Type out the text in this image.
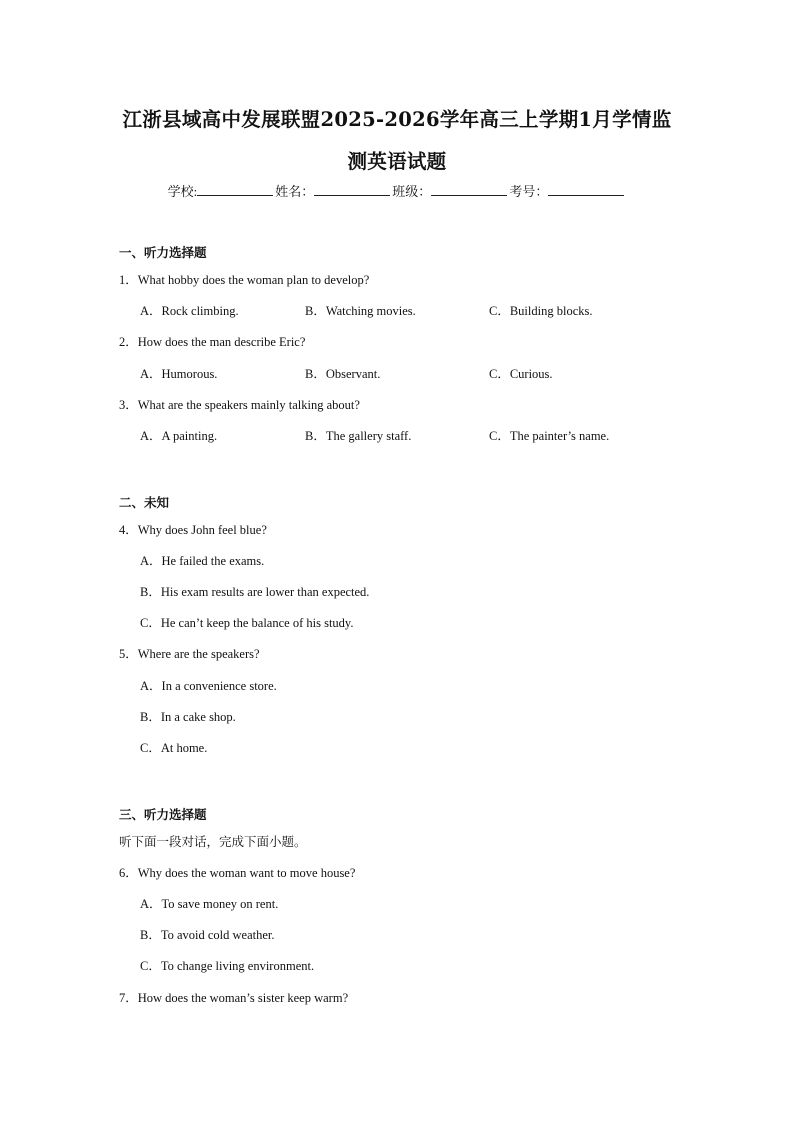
江浙县域高中发展联盟2025-2026学年高三上学期1月学情监
测英语试题
学校:	姓名：	班级：	考号：
一、听力选择题
1．What hobby does the woman plan to develop?
A．Rock climbing.	B．Watching movies.	C．Building blocks.
2．How does the man describe Eric?
A．Humorous.	B．Observant.	C．Curious.
3．What are the speakers mainly talking about?
A．A painting.	B．The gallery staff.	C．The painter’s name.
二、未知
4．Why does John feel blue?
A．He failed the exams.
B．His exam results are lower than expected.
C．He can’t keep the balance of his study.
5．Where are the speakers?
A．In a convenience store.
B．In a cake shop.
C．At home.
三、听力选择题
听下面一段对话，完成下面小题。
6．Why does the woman want to move house?
A．To save money on rent.
B．To avoid cold weather.
C．To change living environment.
7．How does the woman’s sister keep warm?
